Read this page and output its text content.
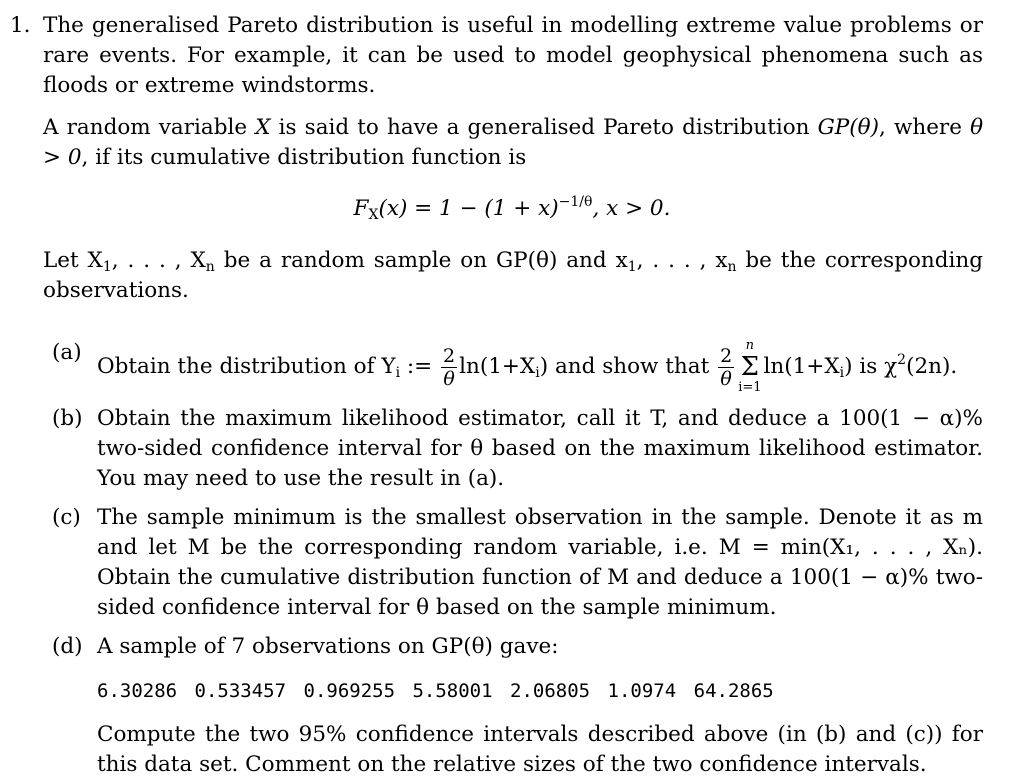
1. The generalised Pareto distribution is useful in modelling extreme value problems or rare events. For example, it can be used to model geophysical phenomena such as floods or extreme windstorms.
A random variable X is said to have a generalised Pareto distribution GP(θ), where θ > 0, if its cumulative distribution function is
$F_X(x) = 1 - (1 + x)^{-1/\theta}$, x > 0.
Let $X_1$, . . . , $X_n$ be a random sample on GP(θ) and $x_1$, . . . , $x_n$ be the corresponding observations.
(a)
Obtain the distribution of $Y_i$ := $\frac{2}{\theta} \ln(1+X_i)$ and show that $\frac{2}{\theta}$ n
Σ
i=1
$\ln(1+X_i)$ is $\chi^2(2n)$.
(b) Obtain the maximum likelihood estimator, call it T, and deduce a 100(1 − α)% two-sided confidence interval for θ based on the maximum likelihood estimator. You may need to use the result in (a).
(c) The sample minimum is the smallest observation in the sample. Denote it as m and let M be the corresponding random variable, i.e. M = min(X₁, . . . , Xₙ). Obtain the cumulative distribution function of M and deduce a 100(1 − α)% two-sided confidence interval for θ based on the sample minimum.
(d) A sample of 7 observations on GP(θ) gave:
6.30286 0.533457 0.969255 5.58001 2.06805 1.0974 64.2865
Compute the two 95% confidence intervals described above (in (b) and (c)) for this data set. Comment on the relative sizes of the two confidence intervals.
